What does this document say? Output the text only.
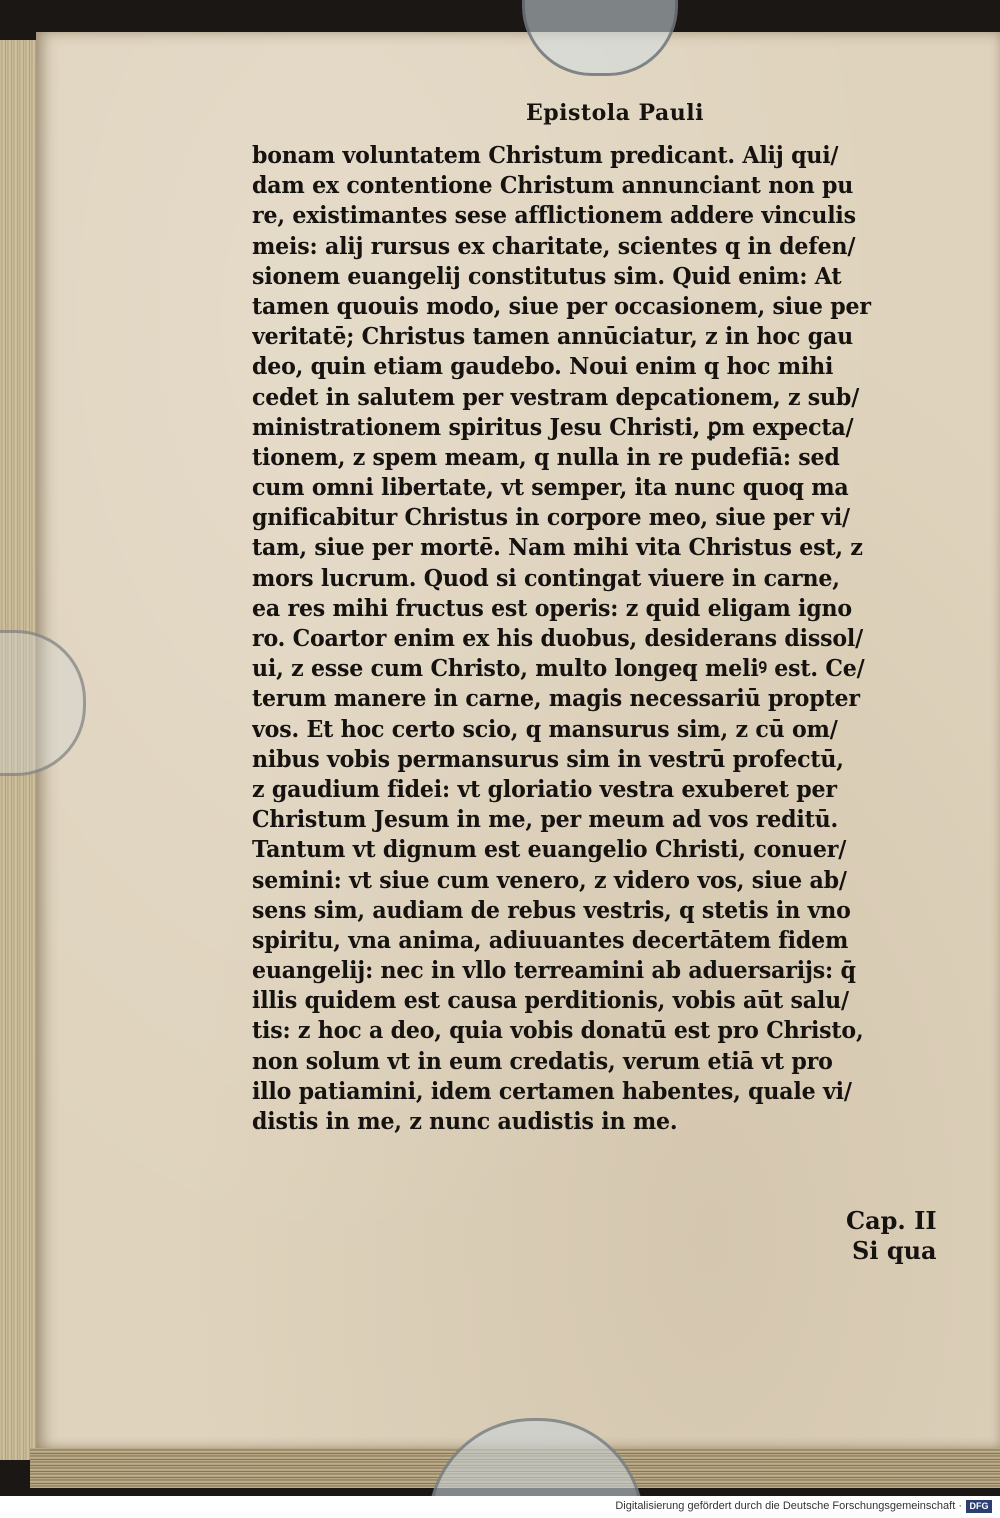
Epistola Pauli
bonam voluntatem Christum predicant. Alij qui/
dam ex contentione Christum annunciant non pu
re, existimantes sese afflictionem addere vinculis
meis: alij rursus ex charitate, scientes q in defen/
sionem euangelij constitutus sim. Quid enim: At
tamen quouis modo, siue per occasionem, siue per
veritatē; Christus tamen annūciatur, z in hoc gau
deo, quin etiam gaudebo. Noui enim q hoc mihi
cedet in salutem per vestram depcationem, z sub/
ministrationem spiritus Jesu Christi, ꝑm expecta/
tionem, z spem meam, q nulla in re pudefiā: sed
cum omni libertate, vt semper, ita nunc quoq ma
gnificabitur Christus in corpore meo, siue per vi/
tam, siue per mortē. Nam mihi vita Christus est, z
mors lucrum. Quod si contingat viuere in carne,
ea res mihi fructus est operis: z quid eligam igno
ro. Coartor enim ex his duobus, desiderans dissol/
ui, z esse cum Christo, multo longeq meliꝰ est. Ce/
terum manere in carne, magis necessariū propter
vos. Et hoc certo scio, q mansurus sim, z cū om/
nibus vobis permansurus sim in vestrū profectū,
z gaudium fidei: vt gloriatio vestra exuberet per
Christum Jesum in me, per meum ad vos reditū.
Tantum vt dignum est euangelio Christi, conuer/
semini: vt siue cum venero, z videro vos, siue ab/
sens sim, audiam de rebus vestris, q stetis in vno
spiritu, vna anima, adiuuantes decertātem fidem
euangelij: nec in vllo terreamini ab aduersarijs: q̄
illis quidem est causa perditionis, vobis aūt salu/
tis: z hoc a deo, quia vobis donatū est pro Christo,
non solum vt in eum credatis, verum etiā vt pro
illo patiamini, idem certamen habentes, quale vi/
distis in me, z nunc audistis in me.
Cap. II
Si qua
Digitalisierung gefördert durch die Deutsche Forschungsgemeinschaft · DFG
